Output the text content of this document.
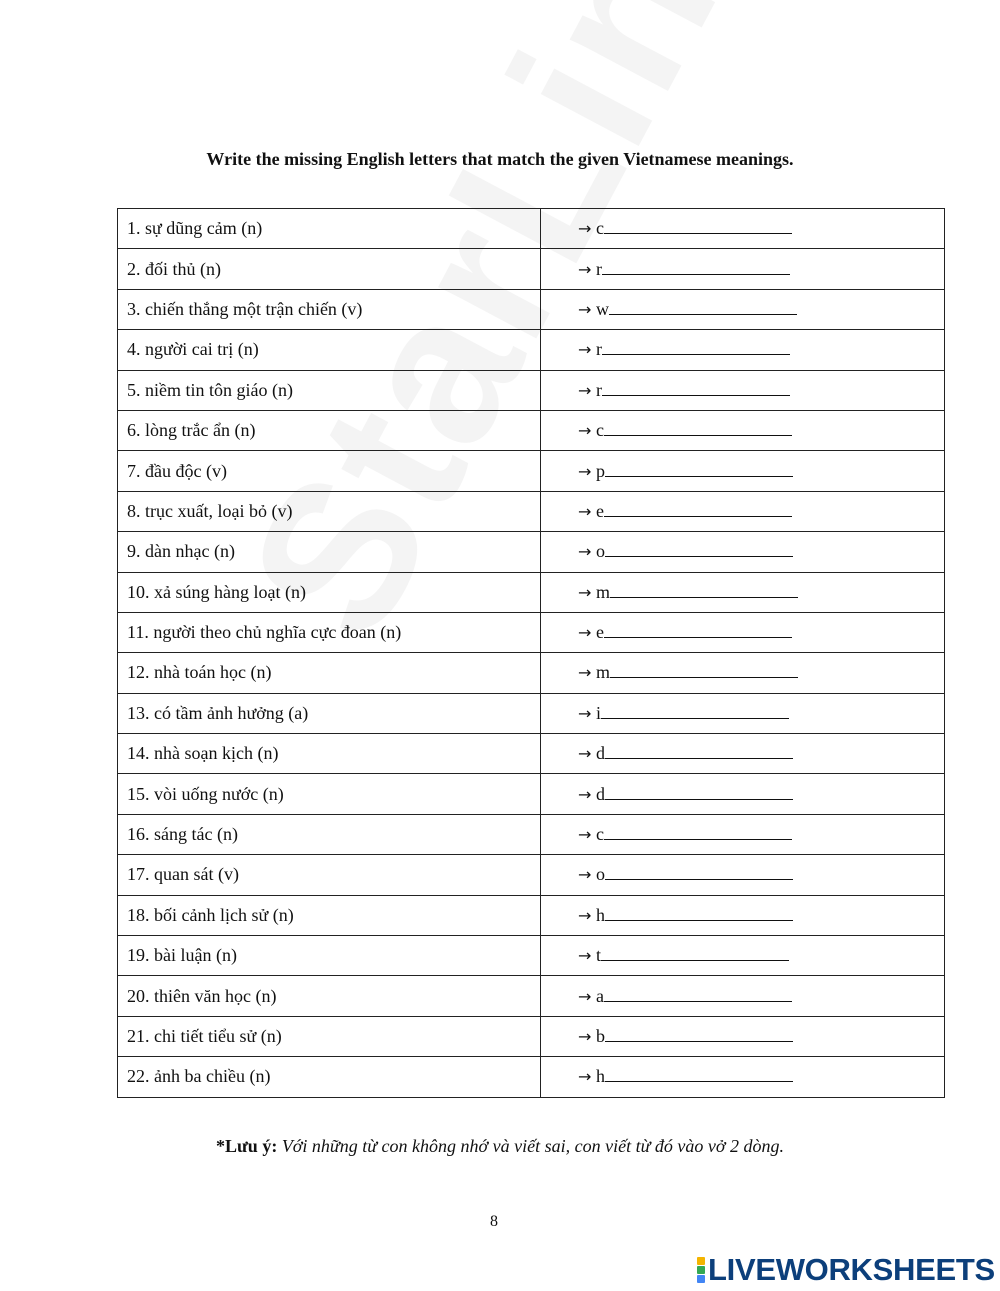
Write the missing English letters that match the given Vietnamese meanings.
1. sự dũng cảm (n)	→ c
2. đối thủ (n)	→ r
3. chiến thắng một trận chiến (v)	→ w
4. người cai trị (n)	→ r
5. niềm tin tôn giáo (n)	→ r
6. lòng trắc ẩn (n)	→ c
7. đầu độc (v)	→ p
8. trục xuất, loại bỏ (v)	→ e
9. dàn nhạc (n)	→ o
10. xả súng hàng loạt (n)	→ m
11. người theo chủ nghĩa cực đoan (n)	→ e
12. nhà toán học (n)	→ m
13. có tầm ảnh hưởng (a)	→ i
14. nhà soạn kịch (n)	→ d
15. vòi uống nước (n)	→ d
16. sáng tác (n)	→ c
17. quan sát (v)	→ o
18. bối cảnh lịch sử (n)	→ h
19. bài luận (n)	→ t
20. thiên văn học (n)	→ a
21. chi tiết tiểu sử (n)	→ b
22. ảnh ba chiều (n)	→ h
*Lưu ý: Với những từ con không nhớ và viết sai, con viết từ đó vào vở 2 dòng.
8
LIVEWORKSHEETS
